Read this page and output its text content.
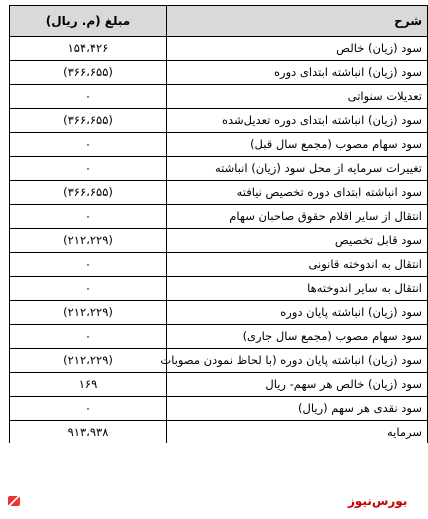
شرح	مبلغ (م. ریال)
سود (زیان) خالص	۱۵۴،۴۲۶
سود (زیان) انباشته ابتدای دوره	(۳۶۶،۶۵۵)
تعدیلات سنواتی	۰
سود (زیان) انباشته ابتدای دوره تعدیل‌شده	(۳۶۶،۶۵۵)
سود سهام مصوب (مجمع سال قبل)	۰
تغییرات سرمایه از محل سود (زیان) انباشته	۰
سود انباشته ابتدای دوره تخصیص نیافته	(۳۶۶،۶۵۵)
انتقال از سایر اقلام حقوق صاحبان سهام	۰
سود قابل تخصیص	(۲۱۲،۲۲۹)
انتقال به اندوخته قانونی	۰
انتقال به سایر اندوخته‌ها	۰
سود (زیان) انباشته پایان دوره	(۲۱۲،۲۲۹)
سود سهام مصوب (مجمع سال جاری)	۰
سود (زیان) انباشته پایان دوره (با لحاظ نمودن مصوبات	(۲۱۲،۲۲۹)
سود (زیان) خالص هر سهم- ریال	۱۶۹
سود نقدی هر سهم (ریال)	۰
سرمایه	۹۱۳،۹۳۸
بورس‌نیوز
